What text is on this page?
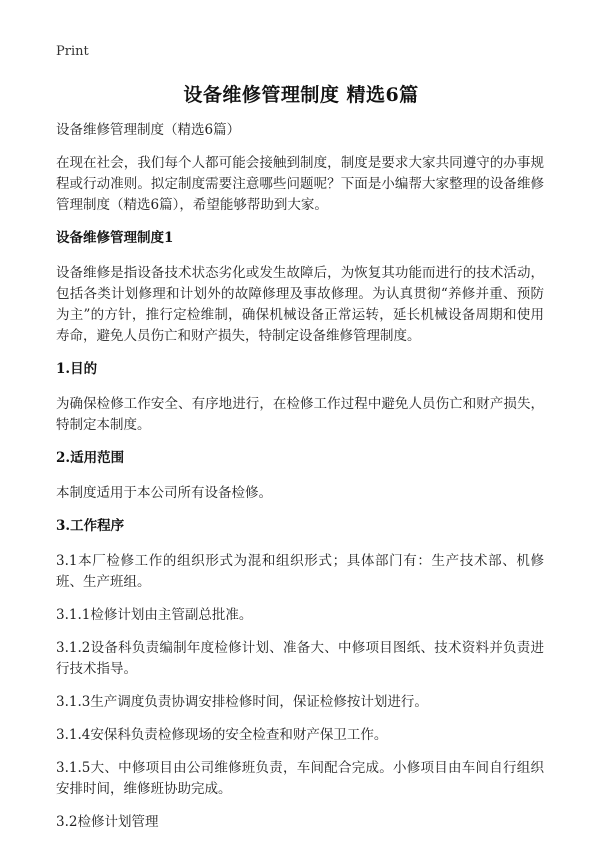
Print
设备维修管理制度 精选6篇

设备维修管理制度（精选6篇）

在现在社会，我们每个人都可能会接触到制度，制度是要求大家共同遵守的办事规程或行动准则。拟定制度需要注意哪些问题呢？下面是小编帮大家整理的设备维修管理制度（精选6篇），希望能够帮助到大家。

设备维修管理制度1

设备维修是指设备技术状态劣化或发生故障后，为恢复其功能而进行的技术活动，包括各类计划修理和计划外的故障修理及事故修理。为认真贯彻“养修并重、预防为主”的方针，推行定检维制，确保机械设备正常运转，延长机械设备周期和使用寿命，避免人员伤亡和财产损失，特制定设备维修管理制度。

1.目的

为确保检修工作安全、有序地进行，在检修工作过程中避免人员伤亡和财产损失，特制定本制度。

2.适用范围

本制度适用于本公司所有设备检修。

3.工作程序

3.1本厂检修工作的组织形式为混和组织形式；具体部门有：生产技术部、机修班、生产班组。

3.1.1检修计划由主管副总批准。

3.1.2设备科负责编制年度检修计划、准备大、中修项目图纸、技术资料并负责进行技术指导。

3.1.3生产调度负责协调安排检修时间，保证检修按计划进行。

3.1.4安保科负责检修现场的安全检查和财产保卫工作。

3.1.5大、中修项目由公司维修班负责，车间配合完成。小修项目由车间自行组织安排时间，维修班协助完成。

3.2检修计划管理
